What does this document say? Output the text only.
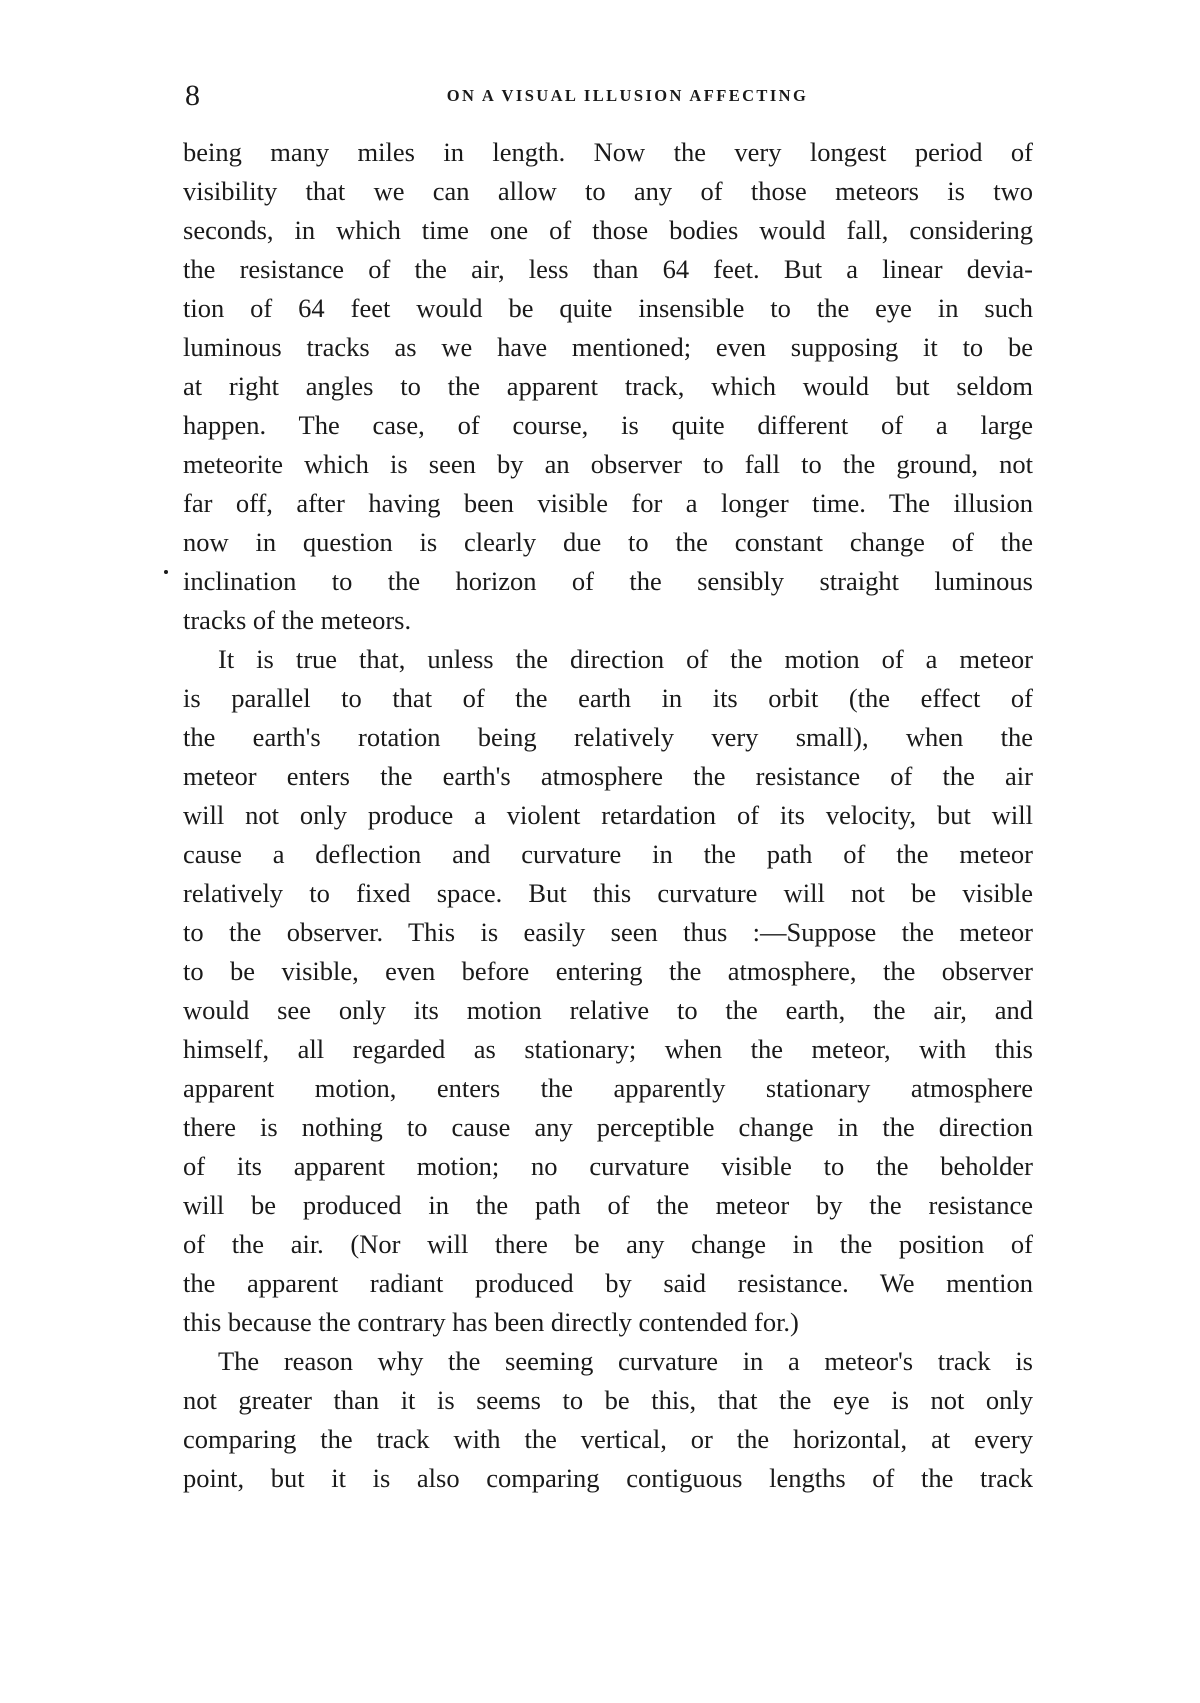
8	ON A VISUAL ILLUSION AFFECTING
being many miles in length. Now the very longest period of
visibility that we can allow to any of those meteors is two
seconds, in which time one of those bodies would fall, considering
the resistance of the air, less than 64 feet. But a linear devia-
tion of 64 feet would be quite insensible to the eye in such
luminous tracks as we have mentioned; even supposing it to be
at right angles to the apparent track, which would but seldom
happen. The case, of course, is quite different of a large
meteorite which is seen by an observer to fall to the ground, not
far off, after having been visible for a longer time. The illusion
now in question is clearly due to the constant change of the
inclination to the horizon of the sensibly straight luminous
tracks of the meteors.
It is true that, unless the direction of the motion of a meteor
is parallel to that of the earth in its orbit (the effect of
the earth's rotation being relatively very small), when the
meteor enters the earth's atmosphere the resistance of the air
will not only produce a violent retardation of its velocity, but will
cause a deflection and curvature in the path of the meteor
relatively to fixed space. But this curvature will not be visible
to the observer. This is easily seen thus :—Suppose the meteor
to be visible, even before entering the atmosphere, the observer
would see only its motion relative to the earth, the air, and
himself, all regarded as stationary; when the meteor, with this
apparent motion, enters the apparently stationary atmosphere
there is nothing to cause any perceptible change in the direction
of its apparent motion; no curvature visible to the beholder
will be produced in the path of the meteor by the resistance
of the air. (Nor will there be any change in the position of
the apparent radiant produced by said resistance. We mention
this because the contrary has been directly contended for.)
The reason why the seeming curvature in a meteor's track is
not greater than it is seems to be this, that the eye is not only
comparing the track with the vertical, or the horizontal, at every
point, but it is also comparing contiguous lengths of the track
